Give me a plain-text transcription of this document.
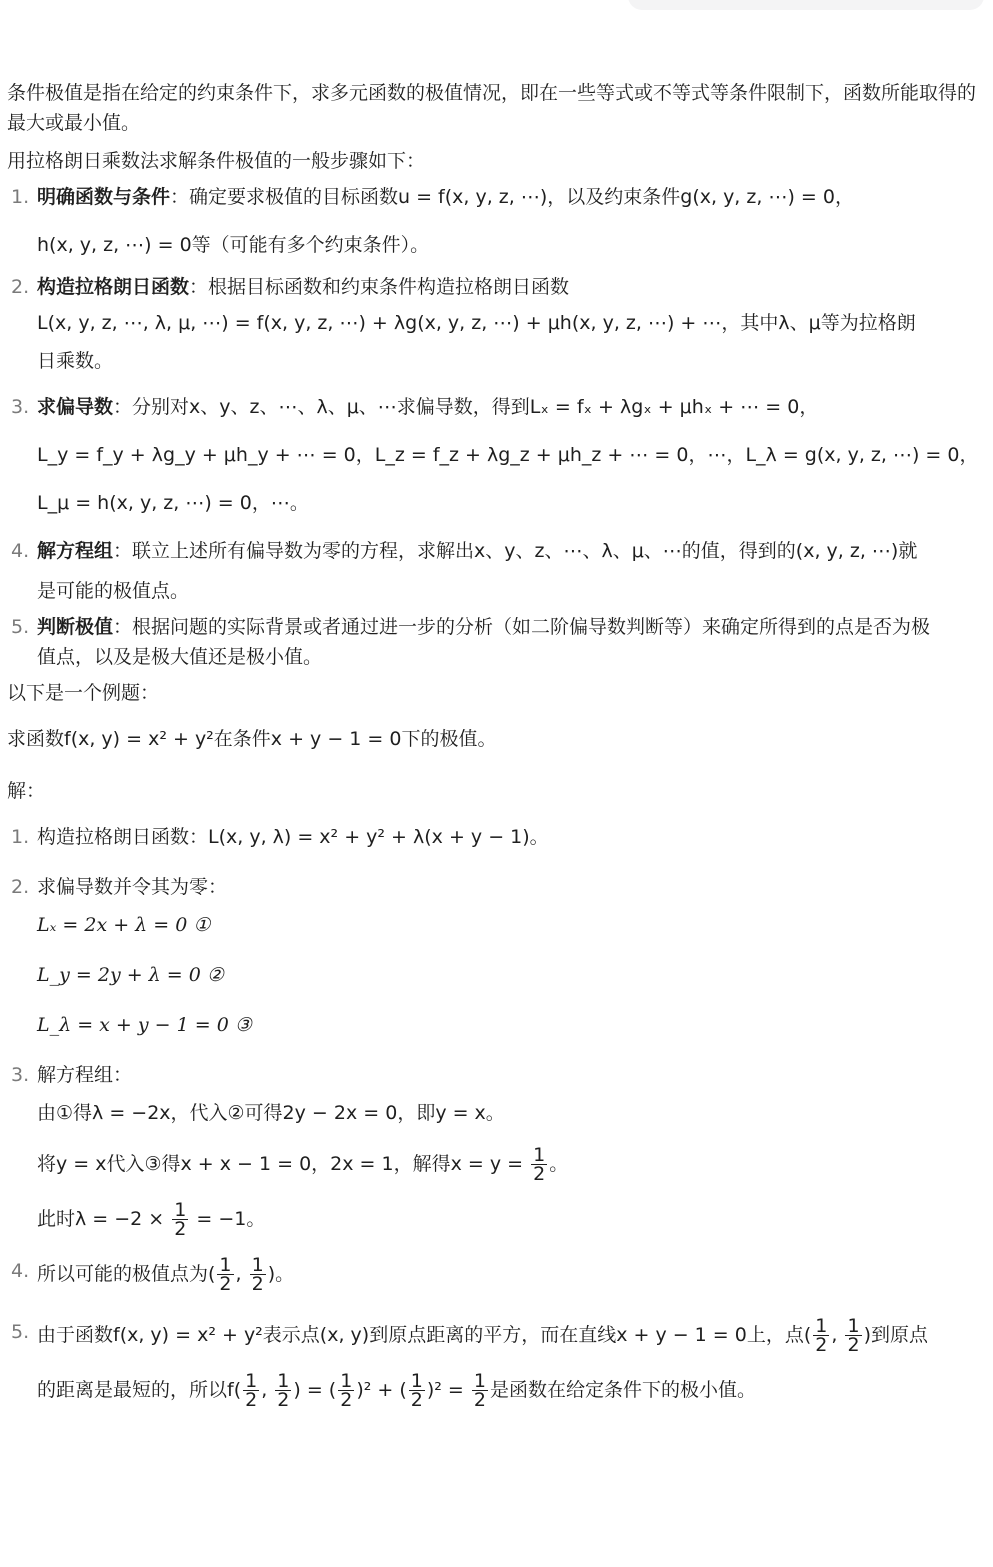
条件极值是指在给定的约束条件下，求多元函数的极值情况，即在一些等式或不等式等条件限制下，函数所能取得的最大或最小值。

用拉格朗日乘数法求解条件极值的一般步骤如下：

1. 明确函数与条件：确定要求极值的目标函数u = f(x, y, z, ⋯)，以及约束条件g(x, y, z, ⋯) = 0，
h(x, y, z, ⋯) = 0等（可能有多个约束条件）。
2. 构造拉格朗日函数：根据目标函数和约束条件构造拉格朗日函数
L(x, y, z, ⋯, λ, μ, ⋯) = f(x, y, z, ⋯) + λg(x, y, z, ⋯) + μh(x, y, z, ⋯) + ⋯，其中λ、μ等为拉格朗
日乘数。
3. 求偏导数：分别对x、y、z、⋯、λ、μ、⋯求偏导数，得到Lₓ = fₓ + λgₓ + μhₓ + ⋯ = 0，
L_y = f_y + λg_y + μh_y + ⋯ = 0，L_z = f_z + λg_z + μh_z + ⋯ = 0，⋯，L_λ = g(x, y, z, ⋯) = 0，
L_μ = h(x, y, z, ⋯) = 0，⋯。
4. 解方程组：联立上述所有偏导数为零的方程，求解出x、y、z、⋯、λ、μ、⋯的值，得到的(x, y, z, ⋯)就
是可能的极值点。
5. 判断极值：根据问题的实际背景或者通过进一步的分析（如二阶偏导数判断等）来确定所得到的点是否为极
值点，以及是极大值还是极小值。

以下是一个例题：

求函数f(x, y) = x² + y²在条件x + y − 1 = 0下的极值。

解：

1. 构造拉格朗日函数：L(x, y, λ) = x² + y² + λ(x + y − 1)。
2. 求偏导数并令其为零：
Lₓ = 2x + λ = 0 ①
L_y = 2y + λ = 0 ②
L_λ = x + y − 1 = 0 ③
3. 解方程组：
由①得λ = −2x，代入②可得2y − 2x = 0，即y = x。
将y = x代入③得x + x − 1 = 0，2x = 1，解得$x = y = \frac{1}{2}$ 。
此时$\lambda = -2 \times \frac{1}{2} = -1$。
4. 所以可能的极值点为( $\frac{1}{2}$ , $\frac{1}{2}$ )。
5. 由于函数f(x, y) = x² + y²表示点(x, y)到原点距离的平方，而在直线x + y − 1 = 0上，点( $\frac{1}{2}$ , $\frac{1}{2}$ )到原点
的距离是最短的，所以$f( \frac{1}{2}$ , $\frac{1}{2}$ ) = ( $\frac{1}{2} )^2$ + ( $\frac{1}{2} )^2 = \frac{1}{2}$ 是函数在给定条件下的极小值。
